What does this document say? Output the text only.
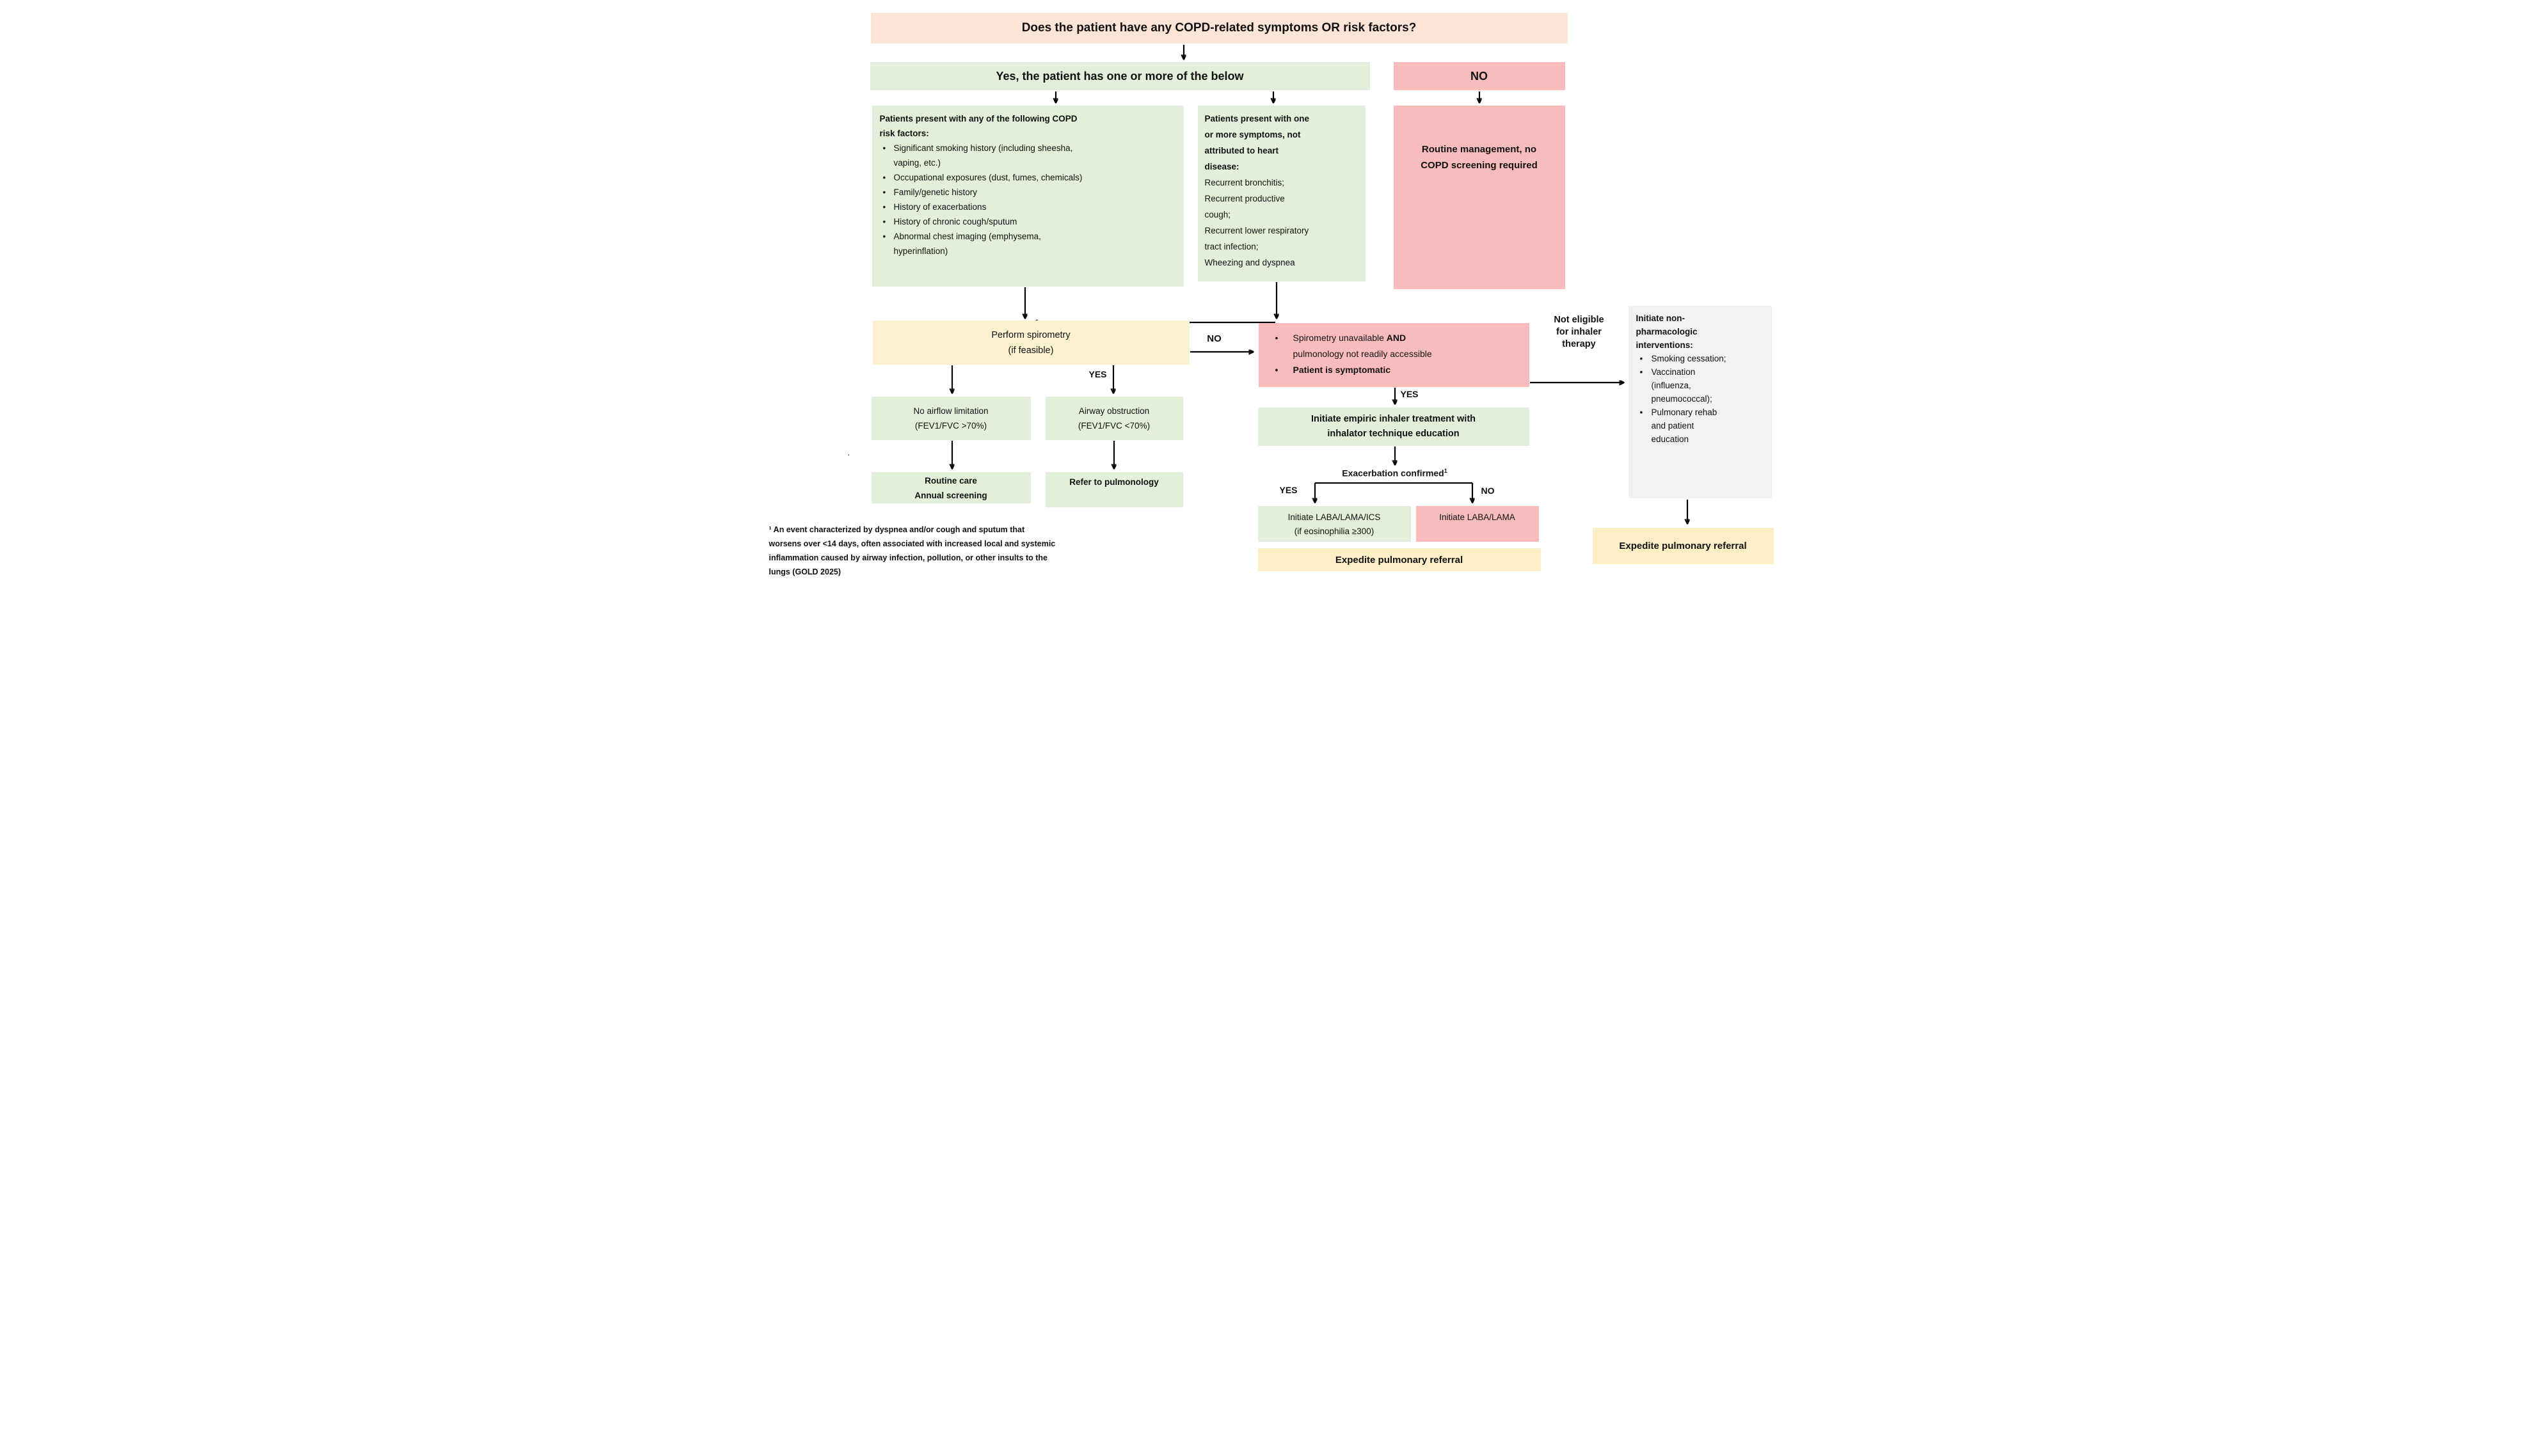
Does the patient have any COPD-related symptoms OR risk factors?
Yes, the patient has one or more of the below	NO
Patients present with any of the following COPD
risk factors:
• Significant smoking history (including sheesha,
vaping, etc.)
• Occupational exposures (dust, fumes, chemicals)
• Family/genetic history
• History of exacerbations
• History of chronic cough/sputum
• Abnormal chest imaging (emphysema,
hyperinflation)
Patients present with one
or more symptoms, not
attributed to heart
disease:
Recurrent bronchitis;
Recurrent productive
cough;
Recurrent lower respiratory
tract infection;
Wheezing and dyspnea
Routine management, no
COPD screening required
Perform spirometry
(if feasible)
NO
YES
• Spirometry unavailable AND
pulmonology not readily accessible
• Patient is symptomatic
YES
Not eligible
for inhaler
therapy
Initiate non-
pharmacologic
interventions:
• Smoking cessation;
• Vaccination
(influenza,
pneumococcal);
• Pulmonary rehab
and patient
education
No airflow limitation
(FEV1/FVC >70%)
Airway obstruction
(FEV1/FVC <70%)
Routine care
Annual screening
Refer to pulmonology
Initiate empiric inhaler treatment with
inhalator technique education
Exacerbation confirmed$^1$
YES	NO
Initiate LABA/LAMA/ICS
(if eosinophilia ≥300)
Initiate LABA/LAMA
Expedite pulmonary referral
Expedite pulmonary referral
¹ An event characterized by dyspnea and/or cough and sputum that
worsens over <14 days, often associated with increased local and systemic
inflammation caused by airway infection, pollution, or other insults to the
lungs (GOLD 2025)
.
